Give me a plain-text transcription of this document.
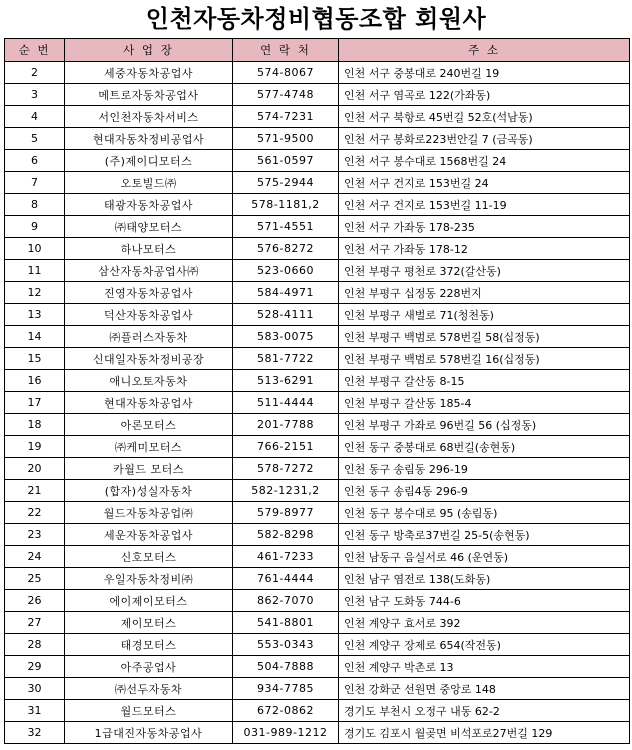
인천자동차정비협동조합 회원사
순 번	사 업 장	연 락 처	주 소
2	세중자동차공업사	574-8067	인천 서구 중봉대로 240번길 19
3	메트로자동차공업사	577-4748	인천 서구 염곡로 122(가좌동)
4	서인천자동차서비스	574-7231	인천 서구 북항로 45번길 52호(석남동)
5	현대자동차정비공업사	571-9500	인천 서구 봉화로223번안길 7 (금곡동)
6	(주)제이디모터스	561-0597	인천 서구 봉수대로 1568번길 24
7	오토빌드㈜	575-2944	인천 서구 건지로 153번길 24
8	태광자동차공업사	578-1181,2	인천 서구 건지로 153번길 11-19
9	㈜태양모터스	571-4551	인천 서구 가좌동 178-235
10	하나모터스	576-8272	인천 서구 가좌동 178-12
11	삼산자동차공업사㈜	523-0660	인천 부평구 평천로 372(갈산동)
12	진영자동차공업사	584-4971	인천 부평구 십정동 228번지
13	덕산자동차공업사	528-4111	인천 부평구 새벌로 71(청천동)
14	㈜플러스자동차	583-0075	인천 부평구 백범로 578번길 58(십정동)
15	신대일자동차정비공장	581-7722	인천 부평구 백범로 578번길 16(십정동)
16	애니오토자동차	513-6291	인천 부평구 갈산동 8-15
17	현대자동차공업사	511-4444	인천 부평구 갈산동 185-4
18	아론모터스	201-7788	인천 부평구 가좌로 96번길 56 (십정동)
19	㈜케미모터스	766-2151	인천 동구 중봉대로 68번길(송현동)
20	카월드 모터스	578-7272	인천 동구 송림동 296-19
21	(합자)성실자동차	582-1231,2	인천 동구 송림4동 296-9
22	월드자동차공업㈜	579-8977	인천 동구 봉수대로 95 (송림동)
23	세운자동차공업사	582-8298	인천 동구 방축로37번길 25-5(송현동)
24	신호모터스	461-7233	인천 남동구 음실서로 46 (운연동)
25	우일자동차정비㈜	761-4444	인천 남구 염전로 138(도화동)
26	에이제이모터스	862-7070	인천 남구 도화동 744-6
27	제이모터스	541-8801	인천 계양구 효서로 392
28	태경모터스	553-0343	인천 계양구 장제로 654(작전동)
29	아주공업사	504-7888	인천 계양구 박촌로 13
30	㈜선두자동차	934-7785	인천 강화군 선원면 중앙로 148
31	월드모터스	672-0862	경기도 부천시 오정구 내동 62-2
32	1급대진자동차공업사	031-989-1212	경기도 김포시 월곶면 비석포로27번길 129
